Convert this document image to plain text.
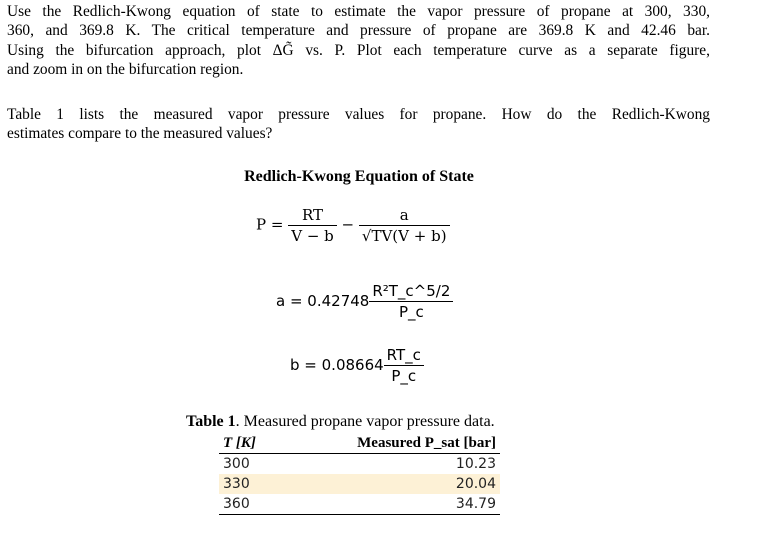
Use the Redlich-Kwong equation of state to estimate the vapor pressure of propane at 300, 330,
360, and 369.8 K. The critical temperature and pressure of propane are 369.8 K and 42.46 bar.
Using the bifurcation approach, plot ΔG̃ vs. P. Plot each temperature curve as a separate figure,
and zoom in on the bifurcation region.
Table 1 lists the measured vapor pressure values for propane. How do the Redlich-Kwong
estimates compare to the measured values?
Redlich-Kwong Equation of State
$P = \frac{RT}{V - b} - \frac{a}{√TV(V + b)}$
$a = 0.42748 \frac{\text{R²T\_c\textasciicircum{}5/2}}{P\_c}$
$b = 0.08664 \frac{RT\_c}{P\_c}$
Table 1. Measured propane vapor pressure data.
T [K]	Measured P_sat [bar]
300	10.23
330	20.04
360	34.79
